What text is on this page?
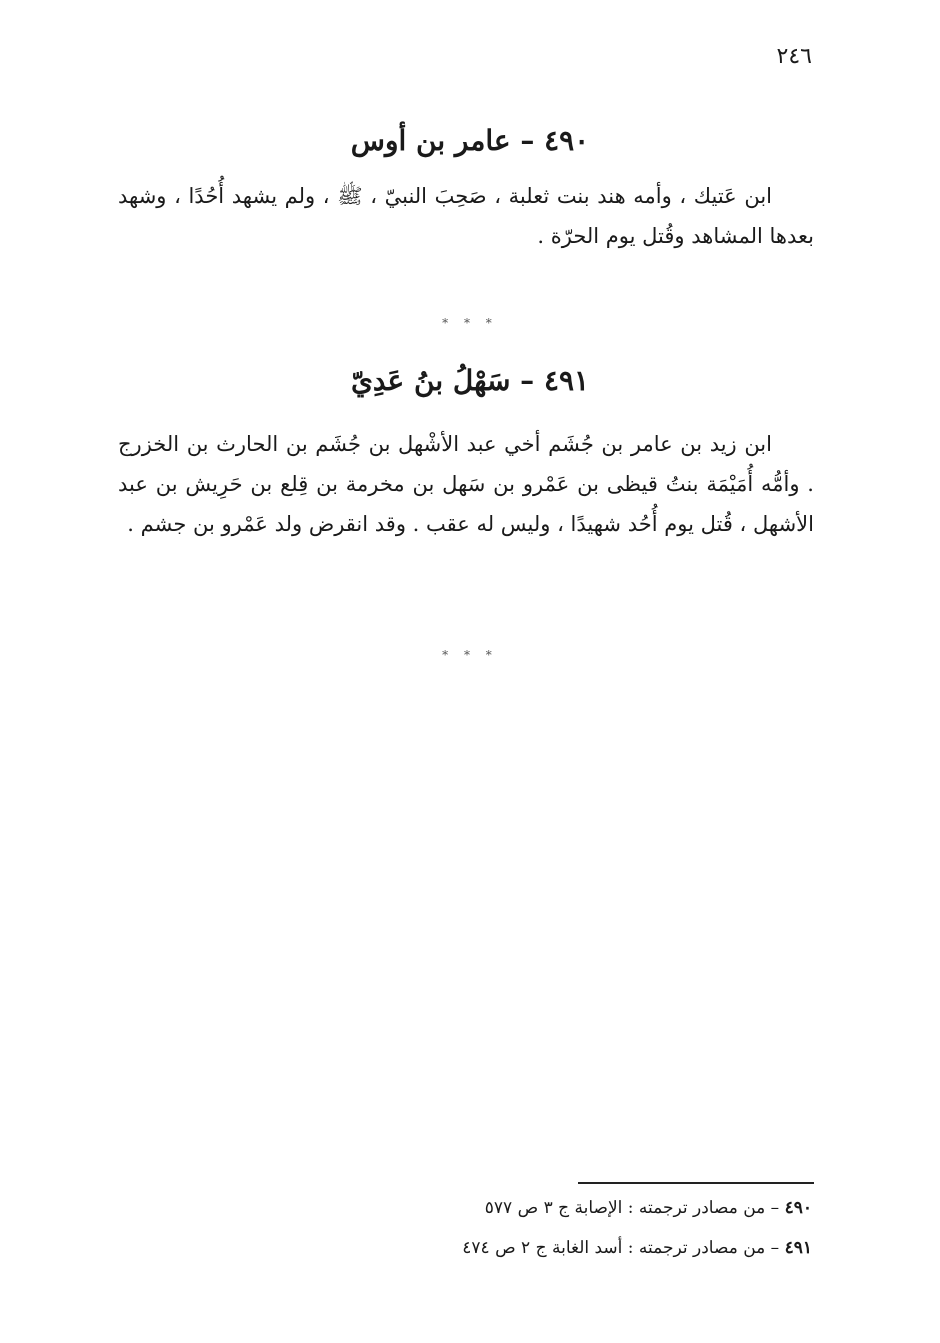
٢٤٦
٤٩٠ – عامر بن أوس
ابن عَتيك ، وأمه هند بنت ثعلبة ، صَحِبَ النبيّ ، ﷺ ، ولم يشهد أُحُدًا ، وشهد بعدها المشاهد وقُتل يوم الحرّة .
* * *
٤٩١ – سَهْلُ بنُ عَدِيّ
ابن زيد بن عامر بن جُشَم أخي عبد الأشْهل بن جُشَم بن الحارث بن الخزرج . وأمُّه أُمَيْمَة بنتُ قيظى بن عَمْرو بن سَهل بن مخرمة بن قِلع بن حَرِيش بن عبد الأشهل ، قُتل يوم أُحُد شهيدًا ، وليس له عقب . وقد انقرض ولد عَمْرو بن جشم .
* * *
٤٩٠ – من مصادر ترجمته : الإصابة ج ٣ ص ٥٧٧
٤٩١ – من مصادر ترجمته : أسد الغابة ج ٢ ص ٤٧٤
